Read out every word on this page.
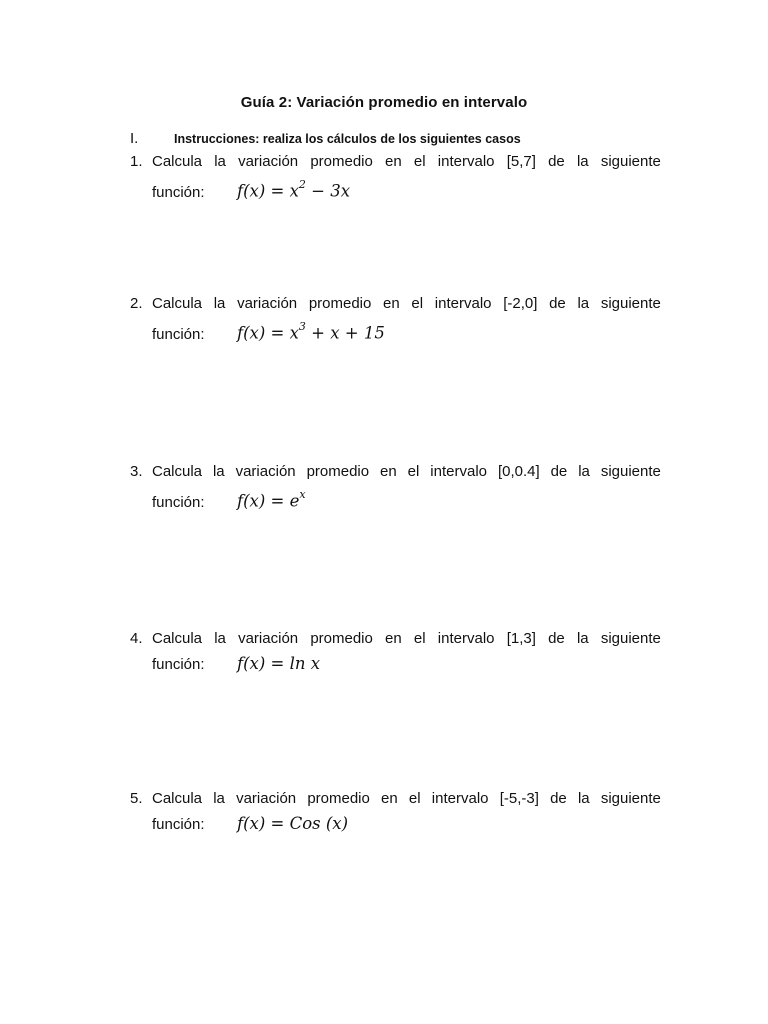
Guía 2: Variación promedio en intervalo
I.	Instrucciones: realiza los cálculos de los siguientes casos
1. Calcula la variación promedio en el intervalo [5,7] de la siguiente
función:	$f(x) = x^2 - 3x$
2. Calcula la variación promedio en el intervalo [-2,0] de la siguiente
función:	$f(x) = x^3 + x + 15$
3. Calcula la variación promedio en el intervalo [0,0.4] de la siguiente
función:	$f(x) = e^x$
4. Calcula la variación promedio en el intervalo [1,3] de la siguiente
función:	f(x) = ln x
5. Calcula la variación promedio en el intervalo [-5,-3] de la siguiente
función:	f(x) = Cos (x)
